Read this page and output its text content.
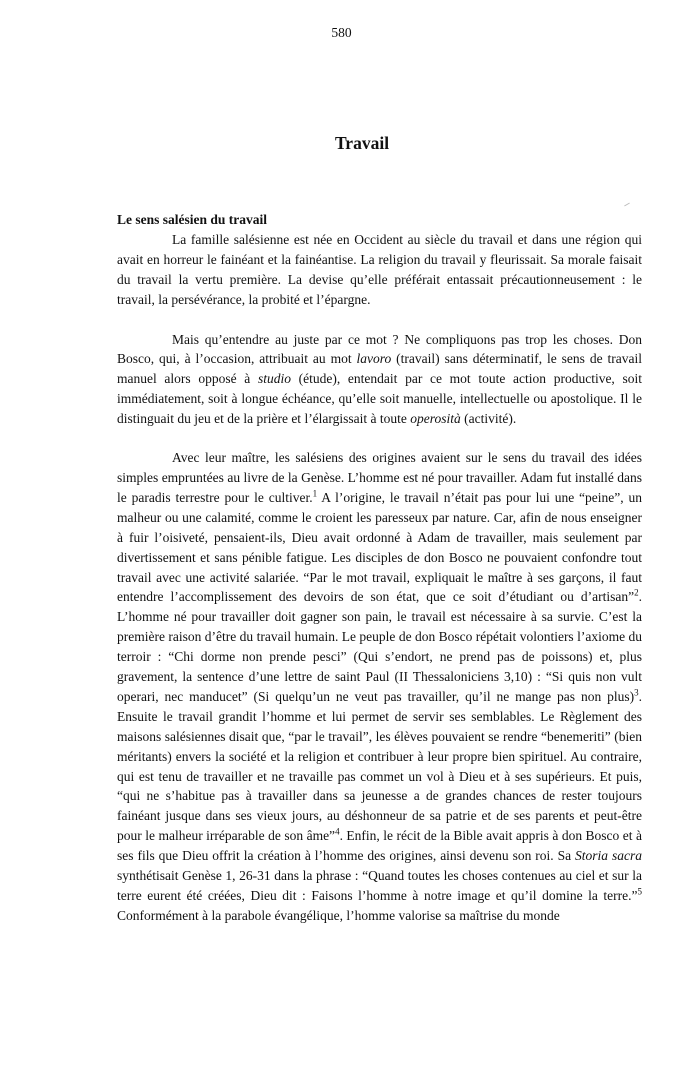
580
Travail
Le sens salésien du travail

La famille salésienne est née en Occident au siècle du travail et dans une région qui avait en horreur le fainéant et la fainéantise. La religion du travail y fleurissait. Sa morale faisait du travail la vertu première. La devise qu’elle préférait entassait précautionneusement : le travail, la persévérance, la probité et l’épargne.

Mais qu’entendre au juste par ce mot ? Ne compliquons pas trop les choses. Don Bosco, qui, à l’occasion, attribuait au mot lavoro (travail) sans déterminatif, le sens de travail manuel alors opposé à studio (étude), entendait par ce mot toute action productive, soit immédiatement, soit à longue échéance, qu’elle soit manuelle, intellectuelle ou apostolique. Il le distinguait du jeu et de la prière et l’élargissait à toute operosità (activité).

Avec leur maître, les salésiens des origines avaient sur le sens du travail des idées simples empruntées au livre de la Genèse. L’homme est né pour travailler. Adam fut installé dans le paradis terrestre pour le cultiver.$^1$ A l’origine, le travail n’était pas pour lui une “peine”, un malheur ou une calamité, comme le croient les paresseux par nature. Car, afin de nous enseigner à fuir l’oisiveté, pensaient-ils, Dieu avait ordonné à Adam de travailler, mais seulement par divertissement et sans pénible fatigue. Les disciples de don Bosco ne pouvaient confondre tout travail avec une activité salariée. “Par le mot travail, expliquait le maître à ses garçons, il faut entendre l’accomplissement des devoirs de son état, que ce soit d’étudiant ou d’artisan”$^2$. L’homme né pour travailler doit gagner son pain, le travail est nécessaire à sa survie. C’est la première raison d’être du travail humain. Le peuple de don Bosco répétait volontiers l’axiome du terroir : “Chi dorme non prende pesci” (Qui s’endort, ne prend pas de poissons) et, plus gravement, la sentence d’une lettre de saint Paul (II Thessaloniciens 3,10) : “Si quis non vult operari, nec manducet” (Si quelqu’un ne veut pas travailler, qu’il ne mange pas non plus)$^3$. Ensuite le travail grandit l’homme et lui permet de servir ses semblables. Le Règlement des maisons salésiennes disait que, “par le travail”, les élèves pouvaient se rendre “benemeriti” (bien méritants) envers la société et la religion et contribuer à leur propre bien spirituel. Au contraire, qui est tenu de travailler et ne travaille pas commet un vol à Dieu et à ses supérieurs. Et puis, “qui ne s’habitue pas à travailler dans sa jeunesse a de grandes chances de rester toujours fainéant jusque dans ses vieux jours, au déshonneur de sa patrie et de ses parents et peut-être pour le malheur irréparable de son âme”$^4$. Enfin, le récit de la Bible avait appris à don Bosco et à ses fils que Dieu offrit la création à l’homme des origines, ainsi devenu son roi. Sa Storia sacra synthétisait Genèse 1, 26-31 dans la phrase : “Quand toutes les choses contenues au ciel et sur la terre eurent été créées, Dieu dit : Faisons l’homme à notre image et qu’il domine la terre.”$^5$ Conformément à la parabole évangélique, l’homme valorise sa maîtrise du monde
